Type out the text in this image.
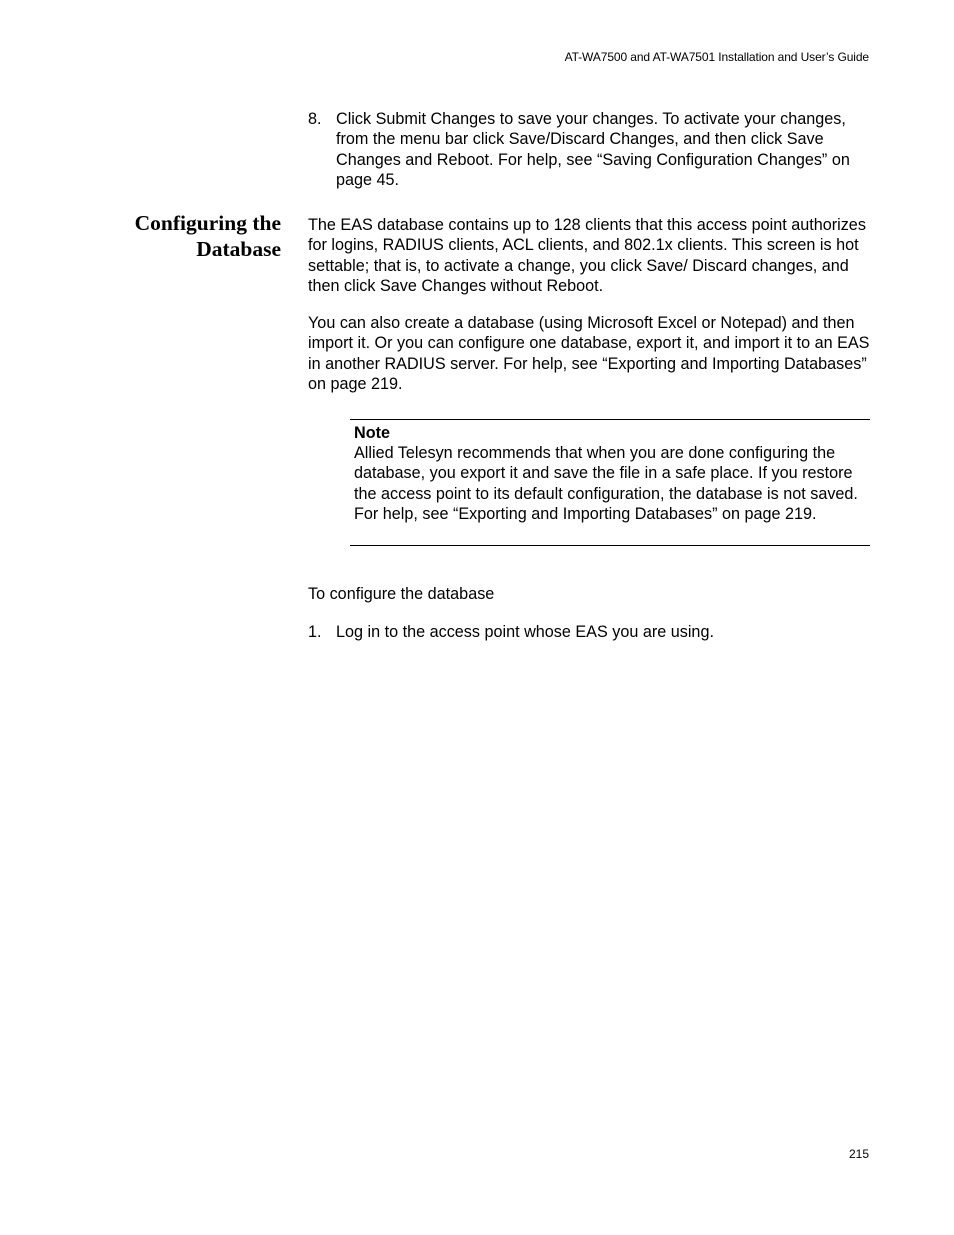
AT-WA7500 and AT-WA7501 Installation and User’s Guide
8. Click Submit Changes to save your changes. To activate your changes, from the menu bar click Save/Discard Changes, and then click Save Changes and Reboot. For help, see “Saving Configuration Changes” on page 45.
Configuring the
Database

The EAS database contains up to 128 clients that this access point authorizes for logins, RADIUS clients, ACL clients, and 802.1x clients. This screen is hot settable; that is, to activate a change, you click Save/ Discard changes, and then click Save Changes without Reboot.

You can also create a database (using Microsoft Excel or Notepad) and then import it. Or you can configure one database, export it, and import it to an EAS in another RADIUS server. For help, see “Exporting and Importing Databases” on page 219.

Note
Allied Telesyn recommends that when you are done configuring the database, you export it and save the file in a safe place. If you restore the access point to its default configuration, the database is not saved. For help, see “Exporting and Importing Databases” on page 219.

To configure the database

1. Log in to the access point whose EAS you are using.
215
